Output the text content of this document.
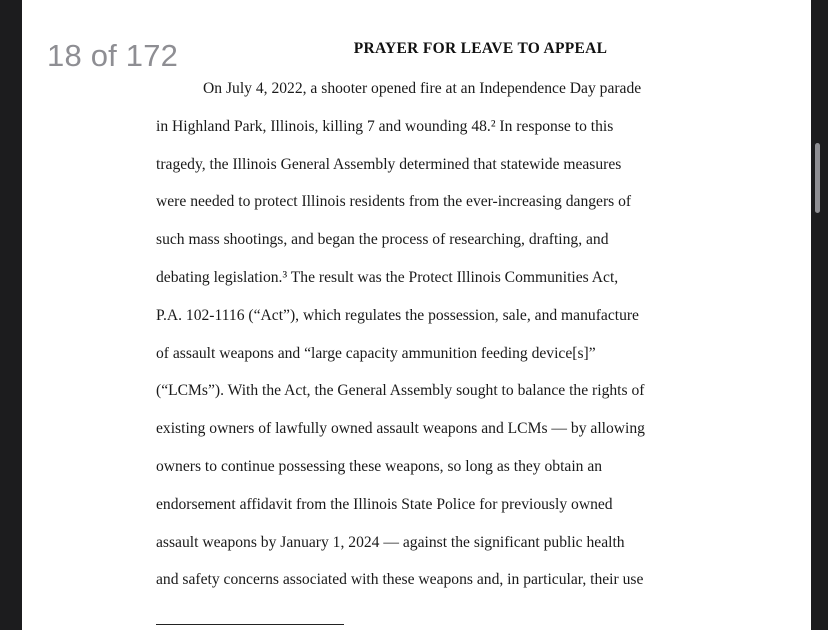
18 of 172	PRAYER FOR LEAVE TO APPEAL
On July 4, 2022, a shooter opened fire at an Independence Day parade
in Highland Park, Illinois, killing 7 and wounding 48.² In response to this
tragedy, the Illinois General Assembly determined that statewide measures
were needed to protect Illinois residents from the ever-increasing dangers of
such mass shootings, and began the process of researching, drafting, and
debating legislation.³ The result was the Protect Illinois Communities Act,
P.A. 102-1116 (“Act”), which regulates the possession, sale, and manufacture
of assault weapons and “large capacity ammunition feeding device[s]”
(“LCMs”). With the Act, the General Assembly sought to balance the rights of
existing owners of lawfully owned assault weapons and LCMs — by allowing
owners to continue possessing these weapons, so long as they obtain an
endorsement affidavit from the Illinois State Police for previously owned
assault weapons by January 1, 2024 — against the significant public health
and safety concerns associated with these weapons and, in particular, their use
